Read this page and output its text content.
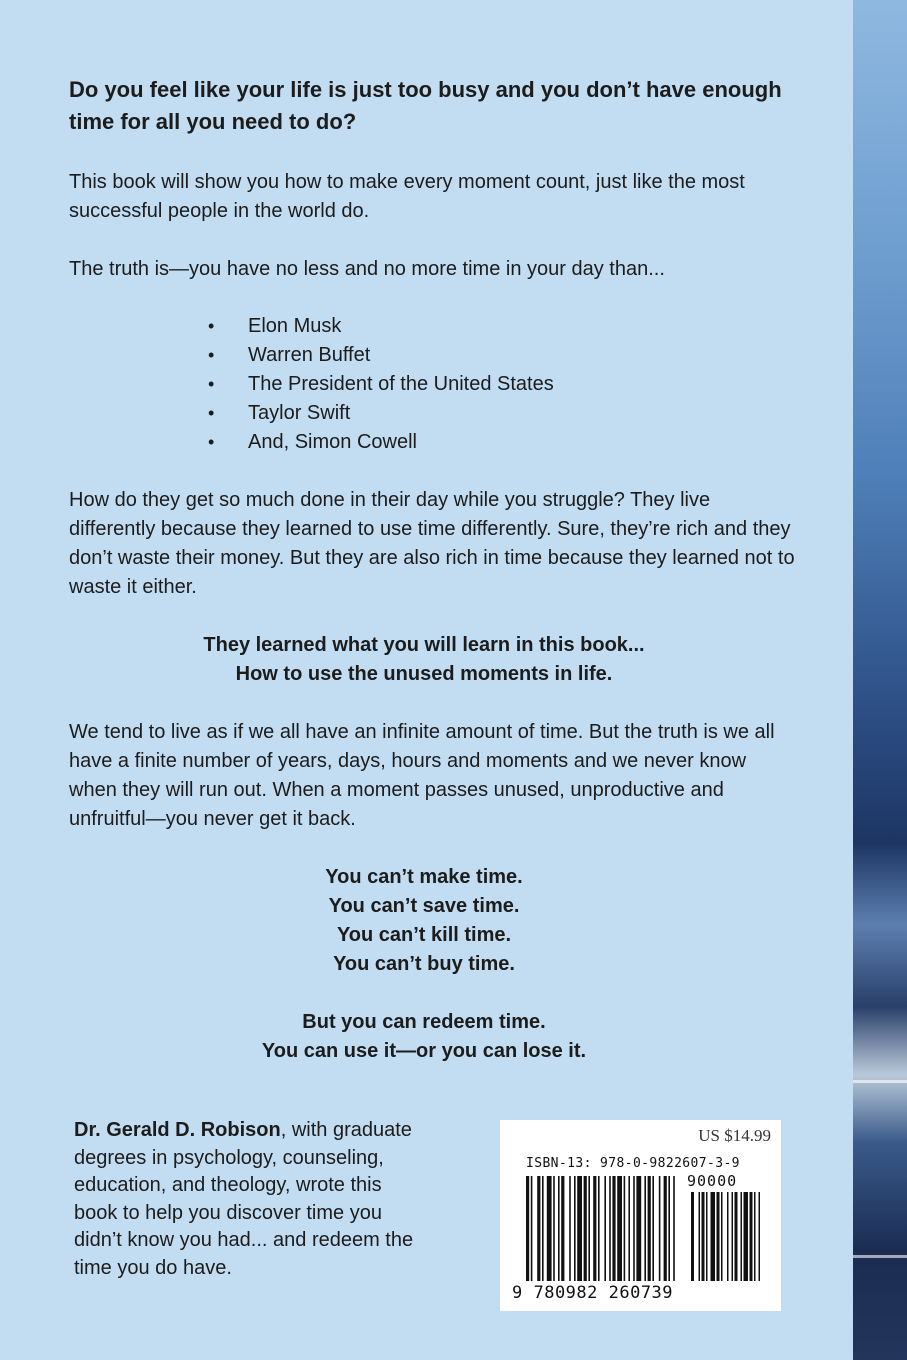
Do you feel like your life is just too busy and you don’t have enough time for all you need to do?

This book will show you how to make every moment count, just like the most successful people in the world do.

The truth is—you have no less and no more time in your day than...

• Elon Musk
• Warren Buffet
• The President of the United States
• Taylor Swift
• And, Simon Cowell

How do they get so much done in their day while you struggle? They live differently because they learned to use time differently. Sure, they’re rich and they don’t waste their money. But they are also rich in time because they learned not to waste it either.

They learned what you will learn in this book...
How to use the unused moments in life.

We tend to live as if we all have an infinite amount of time. But the truth is we all have a finite number of years, days, hours and moments and we never know when they will run out. When a moment passes unused, unproductive and unfruitful—you never get it back.

You can’t make time.
You can’t save time.
You can’t kill time.
You can’t buy time.
But you can redeem time.
You can use it—or you can lose it.
Dr. Gerald D. Robison, with graduate degrees in psychology, counseling, education, and theology, wrote this book to help you discover time you didn’t know you had... and redeem the time you do have.
US $14.99
ISBN-13: 978-0-9822607-3-9
90000
9 780982 260739
